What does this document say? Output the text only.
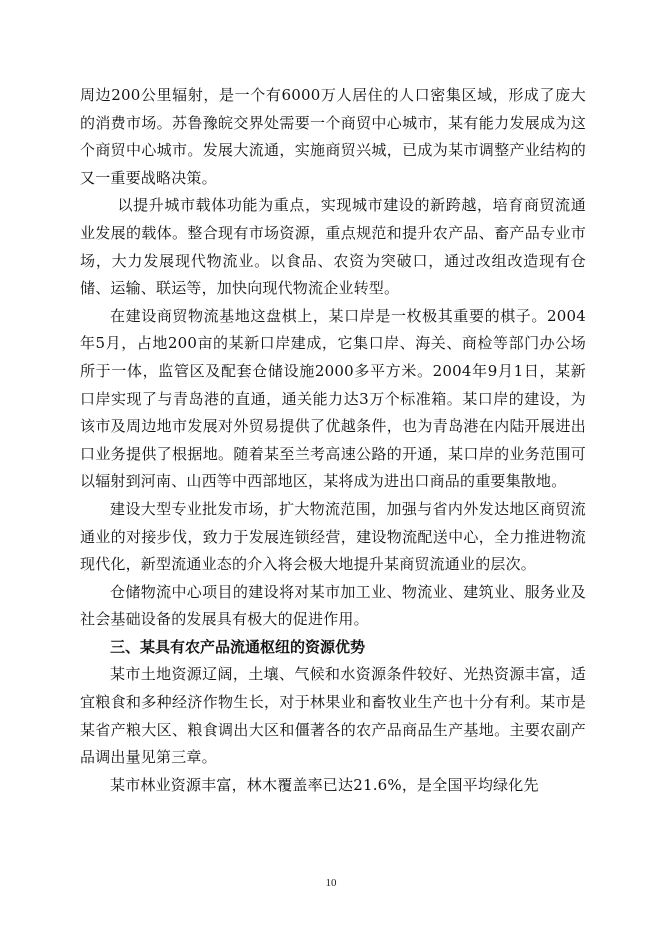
周边200公里辐射，是一个有6000万人居住的人口密集区域，形成了庞大的消费市场。苏鲁豫皖交界处需要一个商贸中心城市，某有能力发展成为这个商贸中心城市。发展大流通，实施商贸兴城，已成为某市调整产业结构的又一重要战略决策。

以提升城市载体功能为重点，实现城市建设的新跨越，培育商贸流通业发展的载体。整合现有市场资源，重点规范和提升农产品、畜产品专业市场，大力发展现代物流业。以食品、农资为突破口，通过改组改造现有仓储、运输、联运等，加快向现代物流企业转型。

在建设商贸物流基地这盘棋上，某口岸是一枚极其重要的棋子。2004年5月，占地200亩的某新口岸建成，它集口岸、海关、商检等部门办公场所于一体，监管区及配套仓储设施2000多平方米。2004年9月1日，某新口岸实现了与青岛港的直通，通关能力达3万个标准箱。某口岸的建设，为该市及周边地市发展对外贸易提供了优越条件，也为青岛港在内陆开展进出口业务提供了根据地。随着某至兰考高速公路的开通，某口岸的业务范围可以辐射到河南、山西等中西部地区，某将成为进出口商品的重要集散地。

建设大型专业批发市场，扩大物流范围，加强与省内外发达地区商贸流通业的对接步伐，致力于发展连锁经营，建设物流配送中心，全力推进物流现代化，新型流通业态的介入将会极大地提升某商贸流通业的层次。

仓储物流中心项目的建设将对某市加工业、物流业、建筑业、服务业及社会基础设备的发展具有极大的促进作用。

三、某具有农产品流通枢纽的资源优势

某市土地资源辽阔，土壤、气候和水资源条件较好、光热资源丰富，适宜粮食和多种经济作物生长，对于林果业和畜牧业生产也十分有利。某市是某省产粮大区、粮食调出大区和僵著各的农产品商品生产基地。主要农副产品调出量见第三章。

某市林业资源丰富，林木覆盖率已达21.6%，是全国平均绿化先

10
